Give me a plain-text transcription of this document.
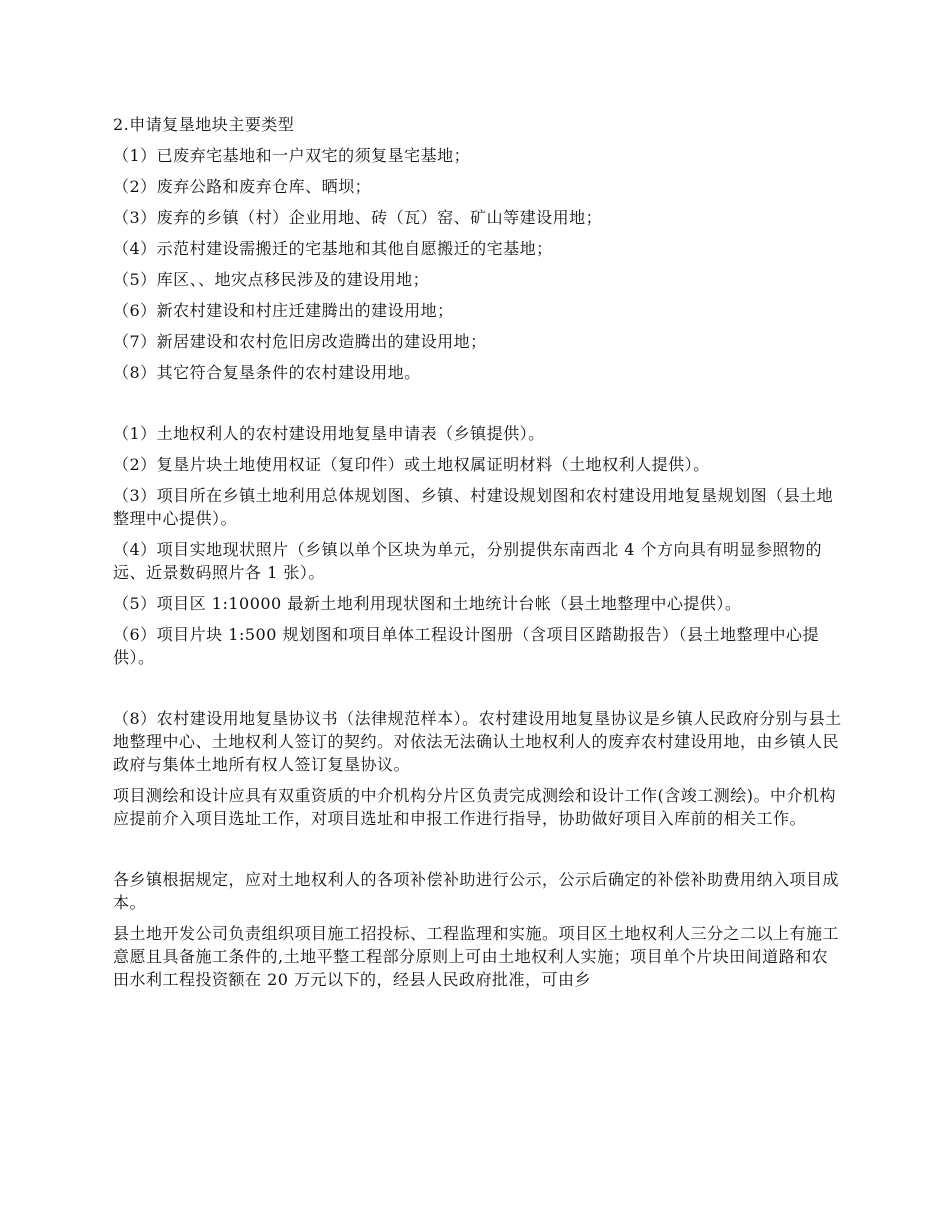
2.申请复垦地块主要类型

（1）已废弃宅基地和一户双宅的须复垦宅基地；

（2）废弃公路和废弃仓库、晒坝；

（3）废弃的乡镇（村）企业用地、砖（瓦）窑、矿山等建设用地；

（4）示范村建设需搬迁的宅基地和其他自愿搬迁的宅基地；

（5）库区、、地灾点移民涉及的建设用地；

（6）新农村建设和村庄迁建腾出的建设用地；

（7）新居建设和农村危旧房改造腾出的建设用地；

（8）其它符合复垦条件的农村建设用地。

（1）土地权利人的农村建设用地复垦申请表（乡镇提供）。

（2）复垦片块土地使用权证（复印件）或土地权属证明材料（土地权利人提供）。

（3）项目所在乡镇土地利用总体规划图、乡镇、村建设规划图和农村建设用地复垦规划图（县土地整理中心提供）。

（4）项目实地现状照片（乡镇以单个区块为单元，分别提供东南西北 4 个方向具有明显参照物的远、近景数码照片各 1 张）。

（5）项目区 1:10000 最新土地利用现状图和土地统计台帐（县土地整理中心提供）。

（6）项目片块 1:500 规划图和项目单体工程设计图册（含项目区踏勘报告）（县土地整理中心提供）。

（8）农村建设用地复垦协议书（法律规范样本）。农村建设用地复垦协议是乡镇人民政府分别与县土地整理中心、土地权利人签订的契约。对依法无法确认土地权利人的废弃农村建设用地，由乡镇人民政府与集体土地所有权人签订复垦协议。

项目测绘和设计应具有双重资质的中介机构分片区负责完成测绘和设计工作(含竣工测绘)。中介机构应提前介入项目选址工作，对项目选址和申报工作进行指导，协助做好项目入库前的相关工作。

各乡镇根据规定，应对土地权利人的各项补偿补助进行公示，公示后确定的补偿补助费用纳入项目成本。

县土地开发公司负责组织项目施工招投标、工程监理和实施。项目区土地权利人三分之二以上有施工意愿且具备施工条件的,土地平整工程部分原则上可由土地权利人实施；项目单个片块田间道路和农田水利工程投资额在 20 万元以下的，经县人民政府批准，可由乡
